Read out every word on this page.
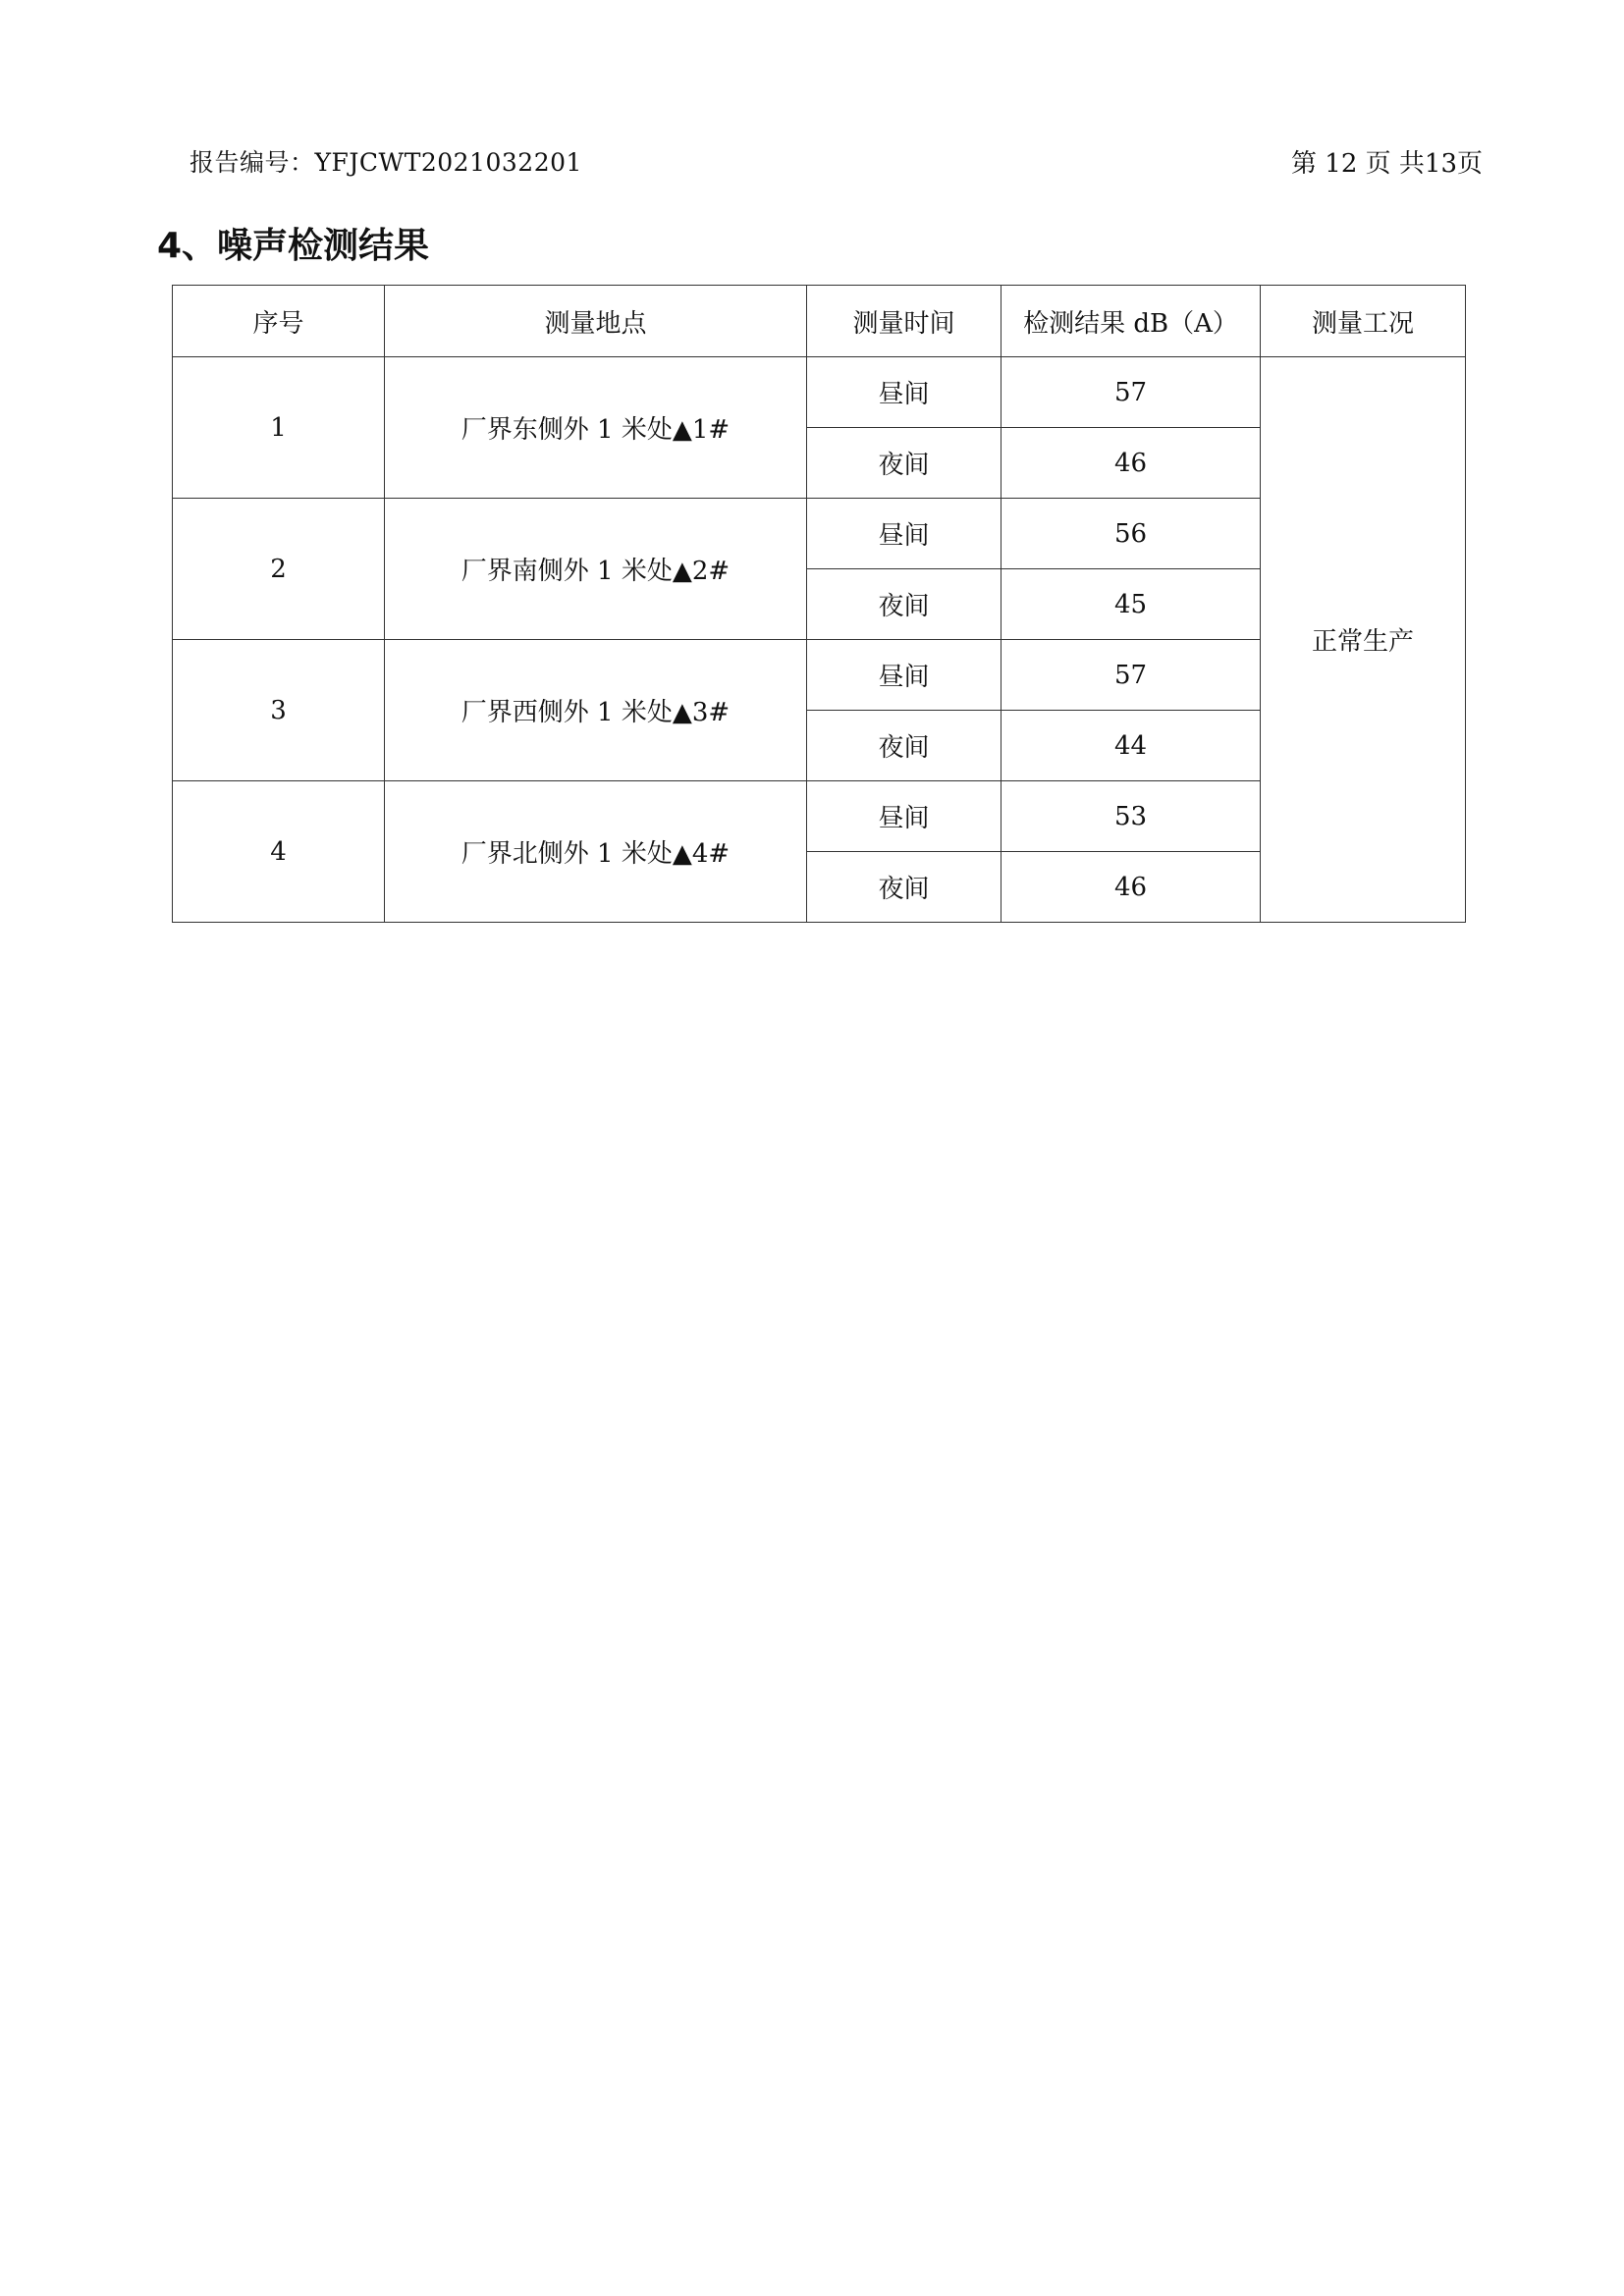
报告编号：YFJCWT2021032201	第 12 页 共13页
4、噪声检测结果
序号	测量地点	测量时间	检测结果 dB（A）	测量工况
1	厂界东侧外 1 米处▲1#	昼间	57	正常生产
		夜间	46	
2	厂界南侧外 1 米处▲2#	昼间	56	
		夜间	45	
3	厂界西侧外 1 米处▲3#	昼间	57	
		夜间	44	
4	厂界北侧外 1 米处▲4#	昼间	53	
		夜间	46	
